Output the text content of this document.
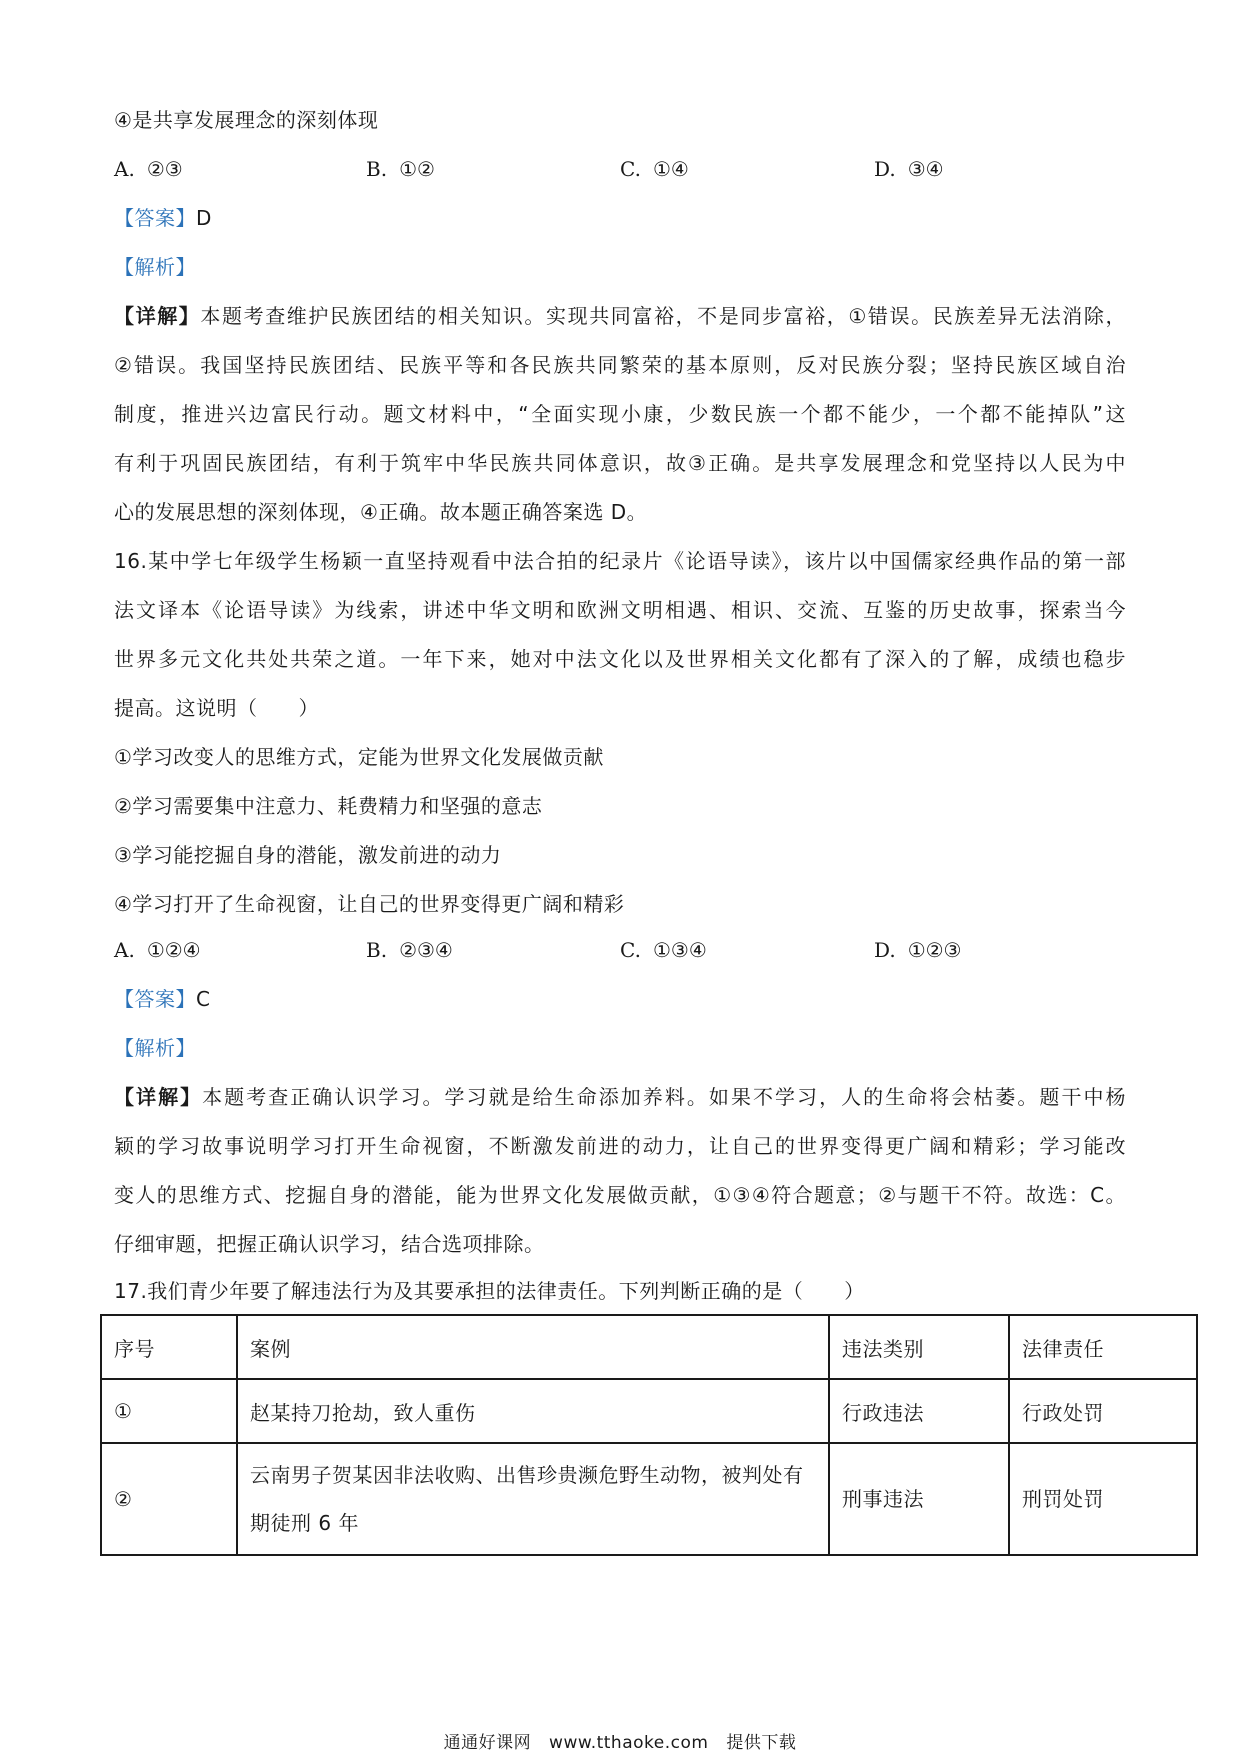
④是共享发展理念的深刻体现
A. ②③	B. ①②	C. ①④	D. ③④
【答案】D
【解析】
【详解】本题考查维护民族团结的相关知识。实现共同富裕，不是同步富裕，①错误。民族差异无法消除，
②错误。我国坚持民族团结、民族平等和各民族共同繁荣的基本原则，反对民族分裂；坚持民族区域自治
制度，推进兴边富民行动。题文材料中，“全面实现小康，少数民族一个都不能少，一个都不能掉队”这
有利于巩固民族团结，有利于筑牢中华民族共同体意识，故③正确。是共享发展理念和党坚持以人民为中
心的发展思想的深刻体现，④正确。故本题正确答案选 D。
16.某中学七年级学生杨颖一直坚持观看中法合拍的纪录片《论语导读》，该片以中国儒家经典作品的第一部
法文译本《论语导读》为线索，讲述中华文明和欧洲文明相遇、相识、交流、互鉴的历史故事，探索当今
世界多元文化共处共荣之道。一年下来，她对中法文化以及世界相关文化都有了深入的了解，成绩也稳步
提高。这说明（　　）
①学习改变人的思维方式，定能为世界文化发展做贡献
②学习需要集中注意力、耗费精力和坚强的意志
③学习能挖掘自身的潜能，激发前进的动力
④学习打开了生命视窗，让自己的世界变得更广阔和精彩
A. ①②④	B. ②③④	C. ①③④	D. ①②③
【答案】C
【解析】
【详解】本题考查正确认识学习。学习就是给生命添加养料。如果不学习，人的生命将会枯萎。题干中杨
颖的学习故事说明学习打开生命视窗，不断激发前进的动力，让自己的世界变得更广阔和精彩；学习能改
变人的思维方式、挖掘自身的潜能，能为世界文化发展做贡献，①③④符合题意；②与题干不符。故选：C。
仔细审题，把握正确认识学习，结合选项排除。
17.我们青少年要了解违法行为及其要承担的法律责任。下列判断正确的是（　　）
序号	案例	违法类别	法律责任
①	赵某持刀抢劫，致人重伤	行政违法	行政处罚
②	云南男子贺某因非法收购、出售珍贵濒危野生动物，被判处有期徒刑 6 年	刑事违法	刑罚处罚
通通好课网 www.tthaoke.com 提供下载
